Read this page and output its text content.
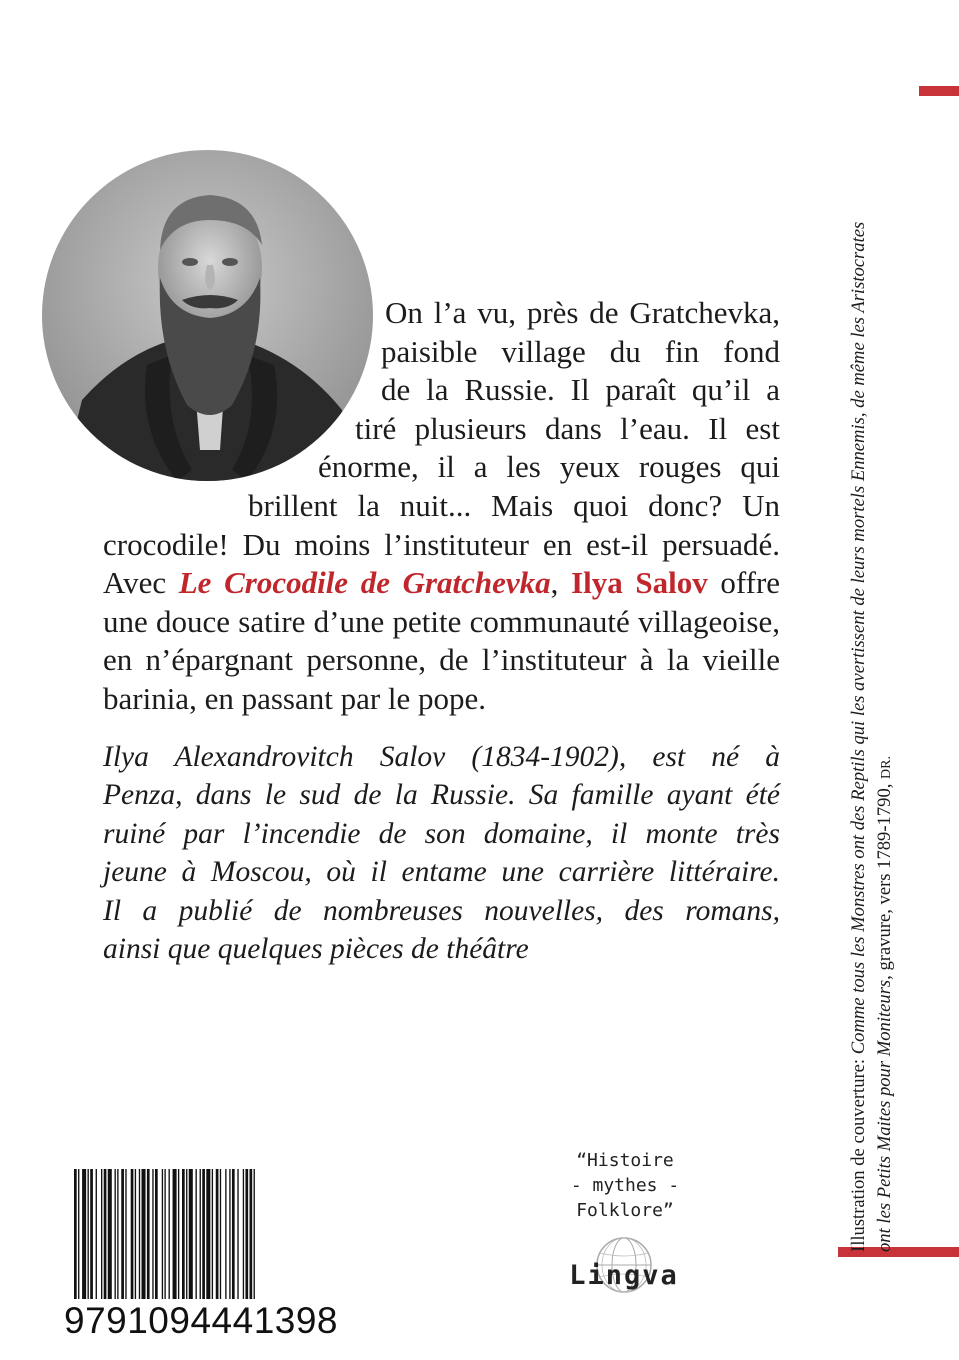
On l’a vu, près de Gratchevka,
paisible village du fin fond
de la Russie. Il paraît qu’il a
tiré plusieurs dans l’eau. Il est
énorme, il a les yeux rouges qui
brillent la nuit... Mais quoi donc? Un
crocodile! Du moins l’instituteur en est-il persuadé.
Avec Le Crocodile de Gratchevka, Ilya Salov offre
une douce satire d’une petite communauté villageoise,
en n’épargnant personne, de l’instituteur à la vieille
barinia, en passant par le pope.
Ilya Alexandrovitch Salov (1834-1902), est né à
Penza, dans le sud de la Russie. Sa famille ayant été
ruiné par l’incendie de son domaine, il monte très
jeune à Moscou, où il entame une carrière littéraire.
Il a publié de nombreuses nouvelles, des romans,
ainsi que quelques pièces de théâtre
Illustration de couverture: Comme tous les Monstres ont des Reptils qui les avertissent de leurs mortels Ennemis, de même les Aristocrates
ont les Petits Maites pour Moniteurs, gravure, vers 1789-1790, DR.
9791094441398
“Histoire
- mythes -
Folklore”
Lingva
